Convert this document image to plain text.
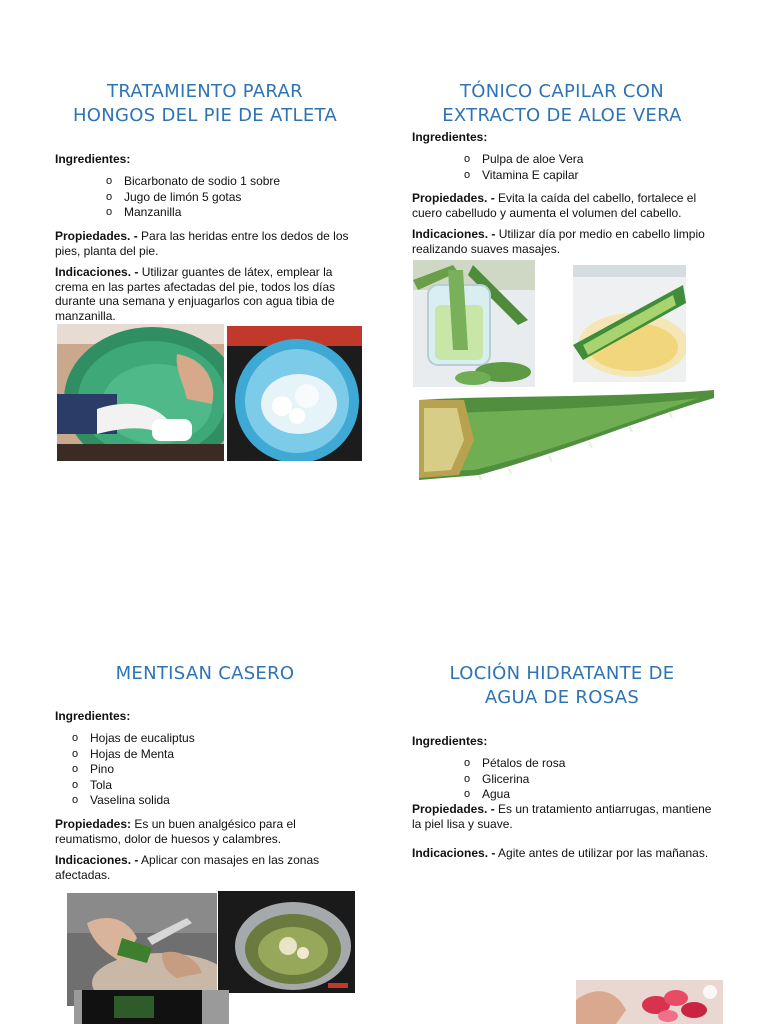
TRATAMIENTO PARAR
HONGOS DEL PIE DE ATLETA
Ingredientes:
o Bicarbonato de sodio 1 sobre
o Jugo de limón 5 gotas
o Manzanilla
Propiedades. - Para las heridas entre los dedos de los pies, planta del pie.
Indicaciones. - Utilizar guantes de látex, emplear la crema en las partes afectadas del pie, todos los días durante una semana y enjuagarlos con agua tibia de manzanilla.
TÓNICO CAPILAR CON
EXTRACTO DE ALOE VERA
Ingredientes:
o Pulpa de aloe Vera
o Vitamina E capilar
Propiedades. - Evita la caída del cabello, fortalece el cuero cabelludo y aumenta el volumen del cabello.
Indicaciones. - Utilizar día por medio en cabello limpio realizando suaves masajes.
MENTISAN CASERO
Ingredientes:
o Hojas de eucaliptus
o Hojas de Menta
o Pino
o Tola
o Vaselina solida
Propiedades: Es un buen analgésico para el reumatismo, dolor de huesos y calambres.
Indicaciones. - Aplicar con masajes en las zonas afectadas.
LOCIÓN HIDRATANTE DE
AGUA DE ROSAS
Ingredientes:
o Pétalos de rosa
o Glicerina
o Agua
Propiedades. - Es un tratamiento antiarrugas, mantiene la piel lisa y suave.
Indicaciones. - Agite antes de utilizar por las mañanas.
